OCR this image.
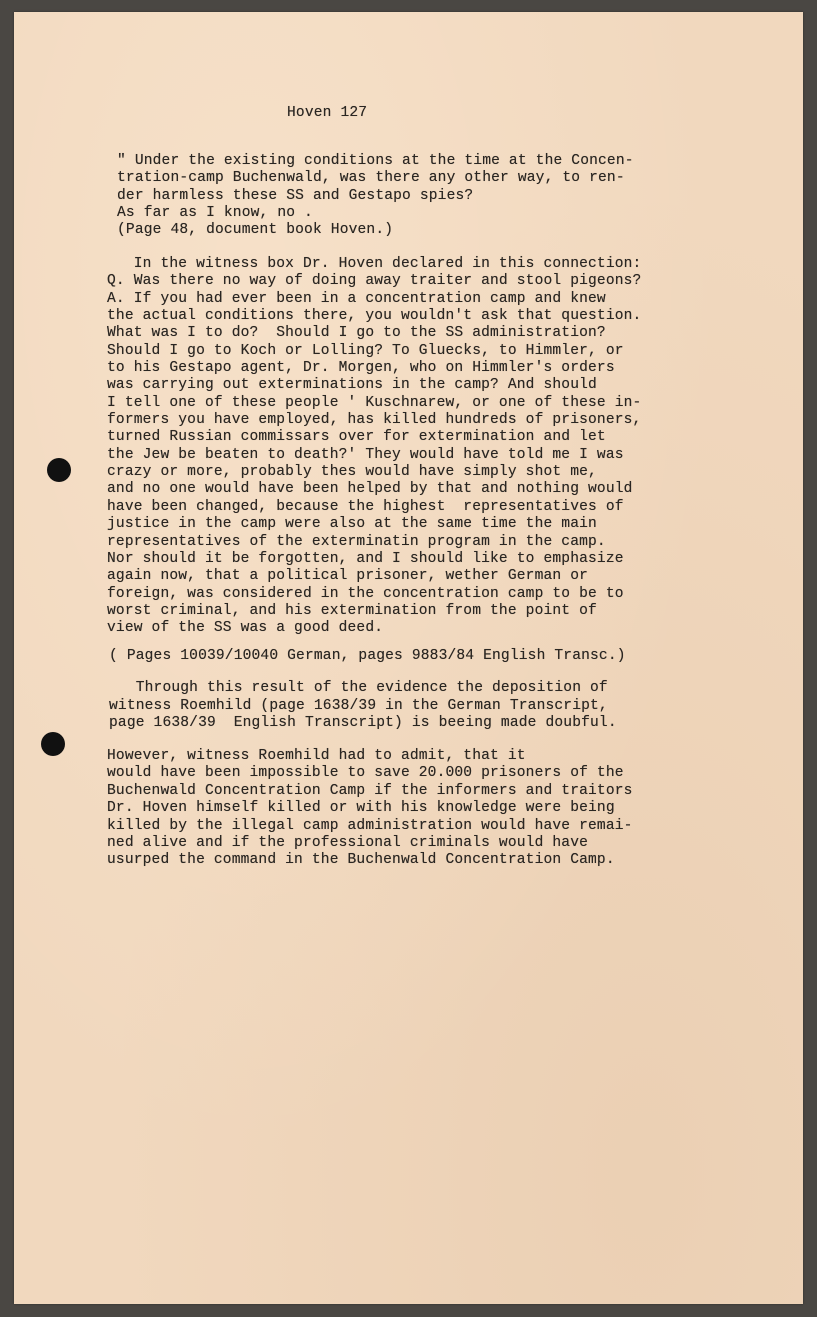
Hoven 127

" Under the existing conditions at the time at the Concen-
tration-camp Buchenwald, was there any other way, to ren-
der harmless these SS and Gestapo spies?
As far as I know, no .
(Page 48, document book Hoven.)

In the witness box Dr. Hoven declared in this connection:
Q. Was there no way of doing away traiter and stool pigeons?
A. If you had ever been in a concentration camp and knew
the actual conditions there, you wouldn't ask that question.
What was I to do?  Should I go to the SS administration?
Should I go to Koch or Lolling? To Gluecks, to Himmler, or
to his Gestapo agent, Dr. Morgen, who on Himmler's orders
was carrying out exterminations in the camp? And should
I tell one of these people ' Kuschnarew, or one of these in-
formers you have employed, has killed hundreds of prisoners,
turned Russian commissars over for extermination and let
the Jew be beaten to death?' They would have told me I was
crazy or more, probably thes would have simply shot me,
and no one would have been helped by that and nothing would
have been changed, because the highest  representatives of
justice in the camp were also at the same time the main
representatives of the exterminatin program in the camp.
Nor should it be forgotten, and I should like to emphasize
again now, that a political prisoner, wether German or
foreign, was considered in the concentration camp to be to
worst criminal, and his extermination from the point of
view of the SS was a good deed.

( Pages 10039/10040 German, pages 9883/84 English Transc.)

Through this result of the evidence the deposition of
witness Roemhild (page 1638/39 in the German Transcript,
page 1638/39  English Transcript) is beeing made doubful.

However, witness Roemhild had to admit, that it
would have been impossible to save 20.000 prisoners of the
Buchenwald Concentration Camp if the informers and traitors
Dr. Hoven himself killed or with his knowledge were being
killed by the illegal camp administration would have remai-
ned alive and if the professional criminals would have
usurped the command in the Buchenwald Concentration Camp.
